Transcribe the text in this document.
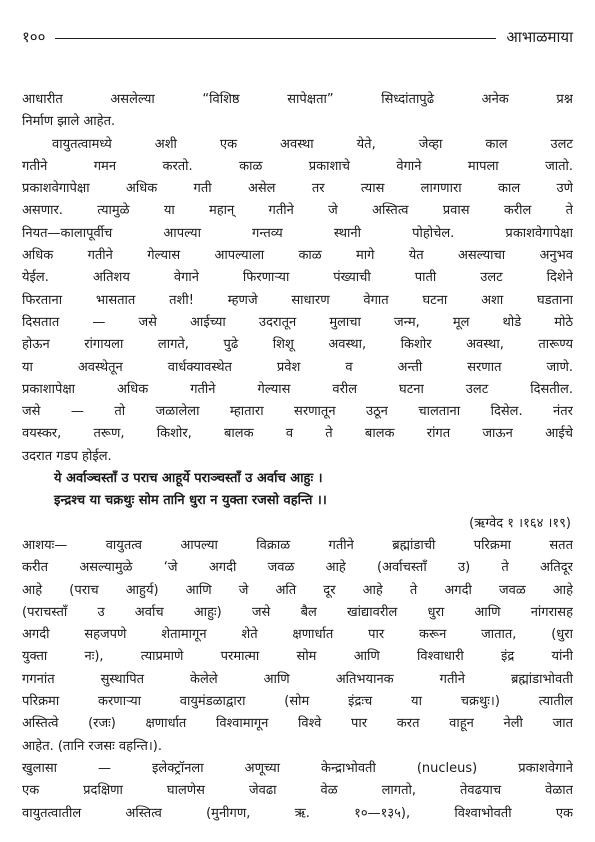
१००	आभाळमाया
आधारीत असलेल्या “विशिष्ठ सापेक्षता” सिध्दांतापुढे अनेक प्रश्न
निर्माण झाले आहेत.
वायुतत्वामध्ये अशी एक अवस्था येते, जेव्हा काल उलट
गतीने गमन करतो. काळ प्रकाशाचे वेगाने मापला जातो.
प्रकाशवेगापेक्षा अधिक गती असेल तर त्यास लागणारा काल उणे
असणार. त्यामुळे या महान् गतीने जे अस्तित्व प्रवास करील ते
नियत—कालापूर्वीच आपल्या गन्तव्य स्थानी पोहोचेल. प्रकाशवेगापेक्षा
अधिक गतीने गेल्यास आपल्याला काळ मागे येत असल्याचा अनुभव
येईल. अतिशय वेगाने फिरणाऱ्या पंख्याची पाती उलट दिशेने
फिरताना भासतात तशी! म्हणजे साधारण वेगात घटना अशा घडताना
दिसतात — जसे आईच्या उदरातून मुलाचा जन्म, मूल थोडे मोठे
होऊन रांगायला लागते, पुढे शिशू अवस्था, किशोर अवस्था, तारूण्य
या अवस्थेतून वार्धक्यावस्थेत प्रवेश व अन्ती सरणात जाणे.
प्रकाशापेक्षा अधिक गतीने गेल्यास वरील घटना उलट दिसतील.
जसे — तो जळालेला म्हातारा सरणातून उठून चालताना दिसेल. नंतर
वयस्कर, तरूण, किशोर, बालक व ते बालक रांगत जाऊन आईचे
उदरात गडप होईल.
ये अर्वाञ्चस्ताँ उ पराच आहूर्ये पराञ्चस्ताँ उ अर्वाच आहुः ।
इन्द्रश्च या चक्रथुः सोम तानि धुरा न युक्ता रजसो वहन्ति ।।
(ऋग्वेद १ ।१६४ ।१९)
आशयः— वायुतत्व आपल्या विक्राळ गतीने ब्रह्मांडाची परिक्रमा सतत
करीत असल्यामुळे ‘जे अगदी जवळ आहे (अर्वाचस्ताँ उ) ते अतिदूर
आहे (पराच आहुर्य) आणि जे अति दूर आहे ते अगदी जवळ आहे
(पराचस्ताँ उ अर्वाच आहुः) जसे बैल खांद्यावरील धुरा आणि नांगरासह
अगदी सहजपणे शेतामागून शेते क्षणार्धात पार करून जातात, (धुरा
युक्ता नः), त्याप्रमाणे परमात्मा सोम आणि विश्वाधारी इंद्र यांनी
गगनांत सुस्थापित केलेले आणि अतिभयानक गतीने ब्रह्मांडाभोवती
परिक्रमा करणाऱ्या वायुमंडळाद्वारा (सोम इंद्रःच या चक्रथुः।) त्यातील
अस्तित्वे (रजः) क्षणार्धात विश्वामागून विश्वे पार करत वाहून नेली जात
आहेत. (तानि रजसः वहन्ति।).
खुलासा — इलेक्ट्रॉनला अणूच्या केन्द्राभोवती (nucleus) प्रकाशवेगाने
एक प्रदक्षिणा घालणेस जेवढा वेळ लागतो, तेवढयाच वेळात
वायुतत्वातील अस्तित्व (मुनीगण, ऋ. १०—१३५), विश्वाभोवती एक
